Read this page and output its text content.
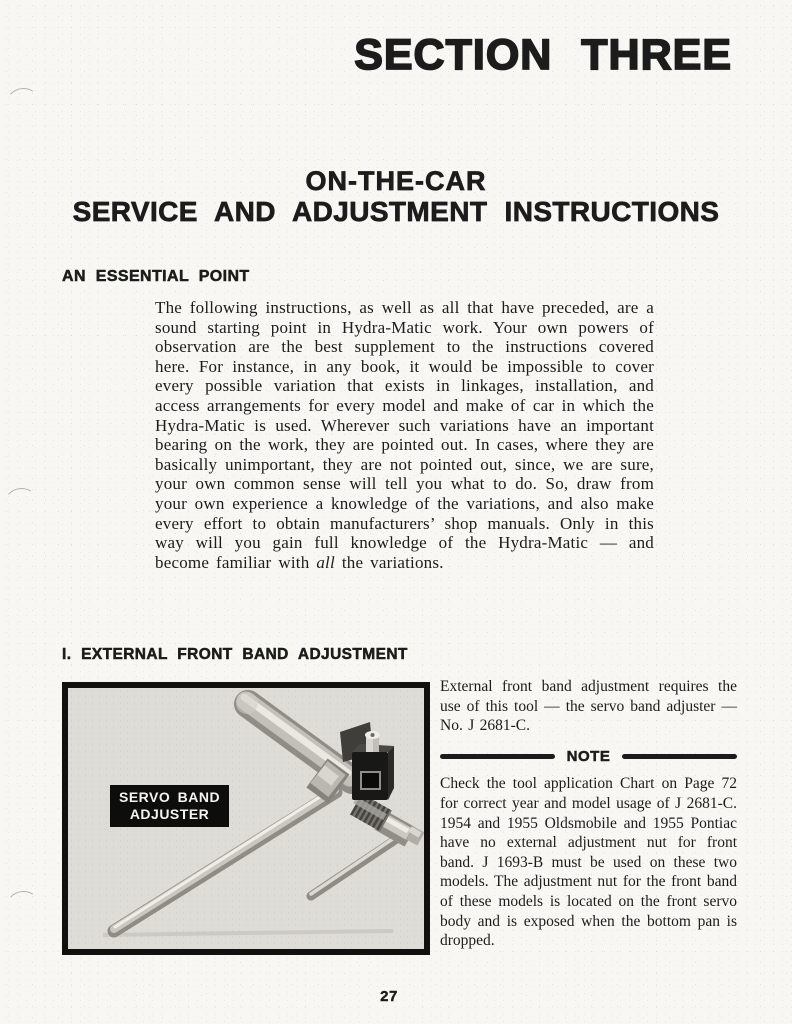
SECTION THREE
ON-THE-CAR
SERVICE AND ADJUSTMENT INSTRUCTIONS
AN ESSENTIAL POINT

The following instructions, as well as all that have preceded, are a sound starting point in Hydra-Matic work. Your own powers of observation are the best supplement to the instructions covered here. For instance, in any book, it would be impossible to cover every possible variation that exists in linkages, installation, and access arrangements for every model and make of car in which the Hydra-Matic is used. Wherever such variations have an important bearing on the work, they are pointed out. In cases, where they are basically unimportant, they are not pointed out, since, we are sure, your own common sense will tell you what to do. So, draw from your own experience a knowledge of the variations, and also make every effort to obtain manufacturers’ shop manuals. Only in this way will you gain full knowledge of the Hydra-Matic — and become familiar with all the variations.

I. EXTERNAL FRONT BAND ADJUSTMENT
SERVO BAND
ADJUSTER

External front band adjustment requires the use of this tool — the servo band adjuster — No. J 2681-C.

NOTE

Check the tool application Chart on Page 72 for correct year and model usage of J 2681-C. 1954 and 1955 Oldsmobile and 1955 Pontiac have no external adjustment nut for front band. J 1693-B must be used on these two models. The adjustment nut for the front band of these models is located on the front servo body and is exposed when the bottom pan is dropped.

27
